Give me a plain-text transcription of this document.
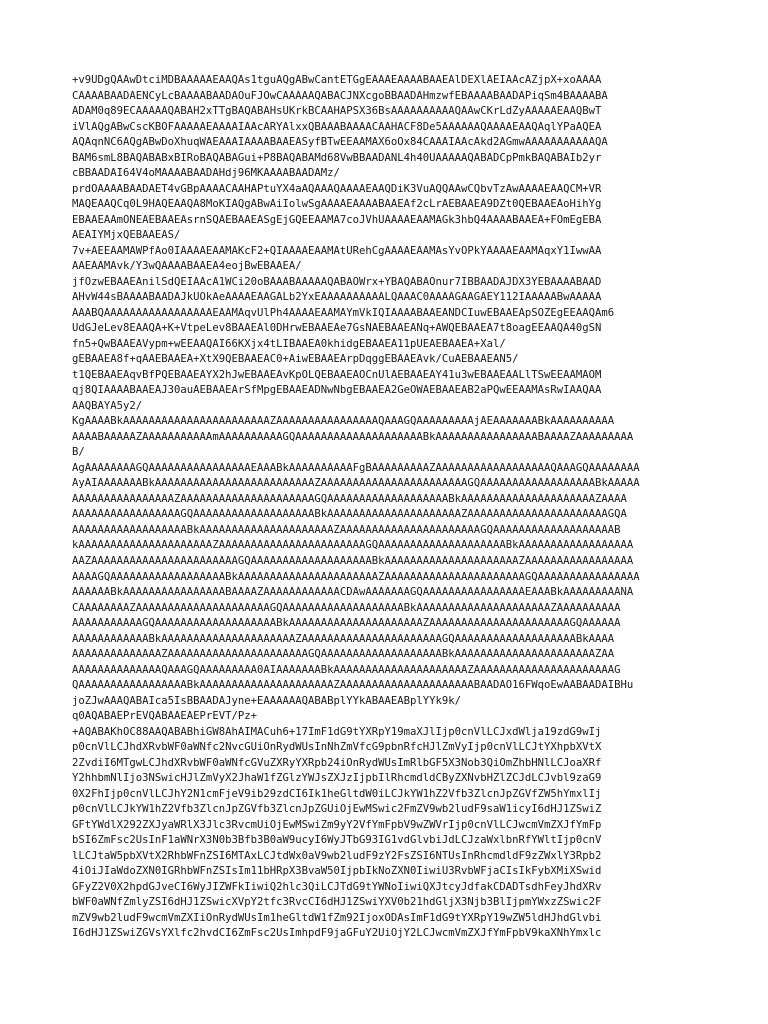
+v9UDgQAAwDtciMDBAAAAAEAAQAs1tguAQgABwCantETGgEAAAEAAAABAAEAlDEXlAEIAAcAZjpX+xoAAAA
CAAAABAADAENCyLcBAAAABAADAOuFJOwCAAAAAQABACJNXcgoBBAADAHmzwfEBAAAABAADAPiqSm4BAAAABA
ADAM0q89ECAAAAAQABAH2xTTgBAQABAHsUKrkBCAAHAPSX36BsAAAAAAAAAAQAAwCKrLdZyAAAAAEAAQBwT
iVlAQgABwCscKBOFAAAAAEAAAAIAAcARYAlxxQBAAABAAAACAAHACF8De5AAAAAAQAAAAEAAQAqlYPaAQEA
AQAqnNC6AQgABwDoXhuqWAEAAAIAAAABAAEASyfBTwEEAAMAX6oOx84CAAAIAAcAkd2AGmwAAAAAAAAAAAQA
BAM6smL8BAQABABxBIRoBAQABAGui+P8BAQABAMd68VwBBAADANL4h40UAAAAAQABADCpPmkBAQABAIb2yr
cBBAADAI64V4oMAAAABAADAHdj96MKAAAABAADAMz/
prdOAAAABAADAET4vGBpAAAACAAHAPtuYX4aAQAAAQAAAAEAAQDiK3VuAQQAAwCQbvTzAwAAAAEAAQCM+VR
MAQEAAQCq0L9HAQEAAQA8MoKIAQgABwAiIolwSgAAAAEAAAABAAEAf2cLrAEBAAEA9DZt0QEBAAEAoHihYg
EBAAEAAmONEAEBAAEAsrnSQAEBAAEASgEjGQEEAAMA7coJVhUAAAAEAAMAGk3hbQ4AAAABAAEA+FOmEgEBA
AEAIYMjxQEBAAEAS/
7v+AEEAAMAWPfAo0IAAAAEAAMAKcF2+QIAAAAEAAMAtURehCgAAAAEAAMAsYvOPkYAAAAEAAMAqxY1IwwAA
AAEAAMAvk/Y3wQAAAABAAEA4eojBwEBAAEA/
jfOzwEBAAEAnilSdQEIAAcA1WCi20oBAAABAAAAAQABAOWrx+YBAQABAOnur7IBBAADAJDX3YEBAAAABAAD
AHvW44sBAAAABAADAJkUOkAeAAAAEAAGALb2YxEAAAAAAAAAALQAAAC0AAAAGAAGAEY112IAAAAABwAAAAA
AAABQAAAAAAAAAAAAAAAAAEAAMAqvUlPh4AAAAEAAMAYmVkIQIAAAABAAEANDCIuwEBAAEApSOZEgEEAAQAm6
UdGJeLev8EAAQA+K+VtpeLev8BAAEAl0DHrwEBAAEAe7GsNAEBAAEANq+AWQEBAAEA7t8oagEEAAQA40gSN
fn5+QwBAAEAVypm+wEEAAQAI66KXjx4tLIBAAEA0khidgEBAAEA11pUEAEBAAEA+Xal/
gEBAAEA8f+qAAEBAAEA+XtX9QEBAAEAC0+AiwEBAAEArpDqggEBAAEAvk/CuAEBAAEAN5/
t1QEBAAEAqvBfPQEBAAEAYX2hJwEBAAEAvKpOLQEBAAEAOCnUlAEBAAEAY41u3wEBAAEAALlTSwEEAAMAOM
qj8QIAAAABAAEAJ30auAEBAAEArSfMpgEBAAEADNwNbgEBAAEA2GeOWAEBAAEAB2aPQwEEAAMAsRwIAAQAA
AAQBAYA5y2/
KgAAAABkAAAAAAAAAAAAAAAAAAAAAAAZAAAAAAAAAAAAAAAAQAAAGQAAAAAAAAAjAEAAAAAAABkAAAAAAAAAA
AAAABAAAAAZAAAAAAAAAAAmAAAAAAAAAAGQAAAAAAAAAAAAAAAAAAAABkAAAAAAAAAAAAAAAABAAAAZAAAAAAAAA
B/
AgAAAAAAAAGQAAAAAAAAAAAAAAAAEAAABkAAAAAAAAAAFgBAAAAAAAAAZAAAAAAAAAAAAAAAAAAQAAAGQAAAAAAAA
AyAIAAAAAAABkAAAAAAAAAAAAAAAAAAAAAAAAAZAAAAAAAAAAAAAAAAAAAAAAAGQAAAAAAAAAAAAAAAAAABkAAAAA
AAAAAAAAAAAAAAAAZAAAAAAAAAAAAAAAAAAAAAGQAAAAAAAAAAAAAAAAAAABkAAAAAAAAAAAAAAAAAAAAAZAAAA
AAAAAAAAAAAAAAAAAGQAAAAAAAAAAAAAAAAAAABkAAAAAAAAAAAAAAAAAAAAAZAAAAAAAAAAAAAAAAAAAAAAGQA
AAAAAAAAAAAAAAAAAABkAAAAAAAAAAAAAAAAAAAAAZAAAAAAAAAAAAAAAAAAAAAAGQAAAAAAAAAAAAAAAAAAAB
kAAAAAAAAAAAAAAAAAAAAAZAAAAAAAAAAAAAAAAAAAAAAAGQAAAAAAAAAAAAAAAAAAAABkAAAAAAAAAAAAAAAAAA
AAZAAAAAAAAAAAAAAAAAAAAAAAGQAAAAAAAAAAAAAAAAAAABkAAAAAAAAAAAAAAAAAAAAAZAAAAAAAAAAAAAAAAA
AAAAGQAAAAAAAAAAAAAAAAAABkAAAAAAAAAAAAAAAAAAAAAAZAAAAAAAAAAAAAAAAAAAAAAGQAAAAAAAAAAAAAAAA
AAAAAABkAAAAAAAAAAAAAAAABAAAAZAAAAAAAAAAAACDAwAAAAAAAGQAAAAAAAAAAAAAAAAEAAABkAAAAAAAAANA
CAAAAAAAAZAAAAAAAAAAAAAAAAAAAAAGQAAAAAAAAAAAAAAAAAAABkAAAAAAAAAAAAAAAAAAAAAZAAAAAAAAAA
AAAAAAAAAAAGQAAAAAAAAAAAAAAAAAAABkAAAAAAAAAAAAAAAAAAAAAZAAAAAAAAAAAAAAAAAAAAAAGQAAAAAA
AAAAAAAAAAAABkAAAAAAAAAAAAAAAAAAAAAZAAAAAAAAAAAAAAAAAAAAAAGQAAAAAAAAAAAAAAAAAAABkAAAA
AAAAAAAAAAAAAAZAAAAAAAAAAAAAAAAAAAAAAGQAAAAAAAAAAAAAAAAAAABkAAAAAAAAAAAAAAAAAAAAAAZAA
AAAAAAAAAAAAAAQAAAGQAAAAAAAAA0AIAAAAAAABkAAAAAAAAAAAAAAAAAAAAAZAAAAAAAAAAAAAAAAAAAAAAG
QAAAAAAAAAAAAAAAAABkAAAAAAAAAAAAAAAAAAAAAZAAAAAAAAAAAAAAAAAAAAABAADAO16FWqoEwAABAADAIBHu
joZJwAAAQABAIca5IsBBAADAJyne+EAAAAAAQABABplYYkABAAEABplYYk9k/
q0AQABAEPrEVQABAAEAEPrEVT/Pz+
+AQABAKhOC88AAQABABhiGW8AhAIMACuh6+17ImF1dG9tYXRpY19maXJlIjp0cnVlLCJxdWlja19zdG9wIj
p0cnVlLCJhdXRvbWF0aWNfc2NvcGUiOnRydWUsInNhZmVfcG9pbnRfcHJlZmVyIjp0cnVlLCJtYXhpbXVtX
2ZvdiI6MTgwLCJhdXRvbWF0aWNfcGVuZXRyYXRpb24iOnRydWUsImRlbGF5X3Nob3QiOmZhbHNlLCJoaXRf
Y2hhbmNlIjo3NSwicHJlZmVyX2JhaW1fZGlzYWJsZXJzIjpbIlRhcmdldCByZXNvbHZlZCJdLCJvbl9zaG9
0X2FhIjp0cnVlLCJhY2N1cmFjeV9ib29zdCI6Ik1heGltdW0iLCJkYW1hZ2Vfb3ZlcnJpZGVfZW5hYmxlIj
p0cnVlLCJkYW1hZ2Vfb3ZlcnJpZGVfb3ZlcnJpZGUiOjEwMSwic2FmZV9wb2ludF9saW1icyI6dHJ1ZSwiZ
GFtYWdlX292ZXJyaWRlX3Jlc3RvcmUiOjEwMSwiZm9yY2VfYmFpbV9wZWVrIjp0cnVlLCJwcmVmZXJfYmFp
bSI6ZmFsc2UsInF1aWNrX3N0b3Bfb3B0aW9ucyI6WyJTbG93IG1vdGlvbiJdLCJzaWxlbnRfYWltIjp0cnV
lLCJtaW5pbXVtX2RhbWFnZSI6MTAxLCJtdWx0aV9wb2ludF9zY2FsZSI6NTUsInRhcmdldF9zZWxlY3Rpb2
4iOiJIaWdoZXN0IGRhbWFnZSIsIm11bHRpX3BvaW50IjpbIkNoZXN0IiwiU3RvbWFjaCIsIkFybXMiXSwid
GFyZ2V0X2hpdGJveCI6WyJIZWFkIiwiQ2hlc3QiLCJTdG9tYWNoIiwiQXJtcyJdfakCDADTsdhFeyJhdXRv
bWF0aWNfZmlyZSI6dHJ1ZSwicXVpY2tfc3RvcCI6dHJ1ZSwiYXV0b21hdGljX3Njb3BlIjpmYWxzZSwic2F
mZV9wb2ludF9wcmVmZXIiOnRydWUsIm1heGltdW1fZm92IjoxODAsImF1dG9tYXRpY19wZW5ldHJhdGlvbi
I6dHJ1ZSwiZGVsYXlfc2hvdCI6ZmFsc2UsImhpdF9jaGFuY2UiOjY2LCJwcmVmZXJfYmFpbV9kaXNhYmxlc
